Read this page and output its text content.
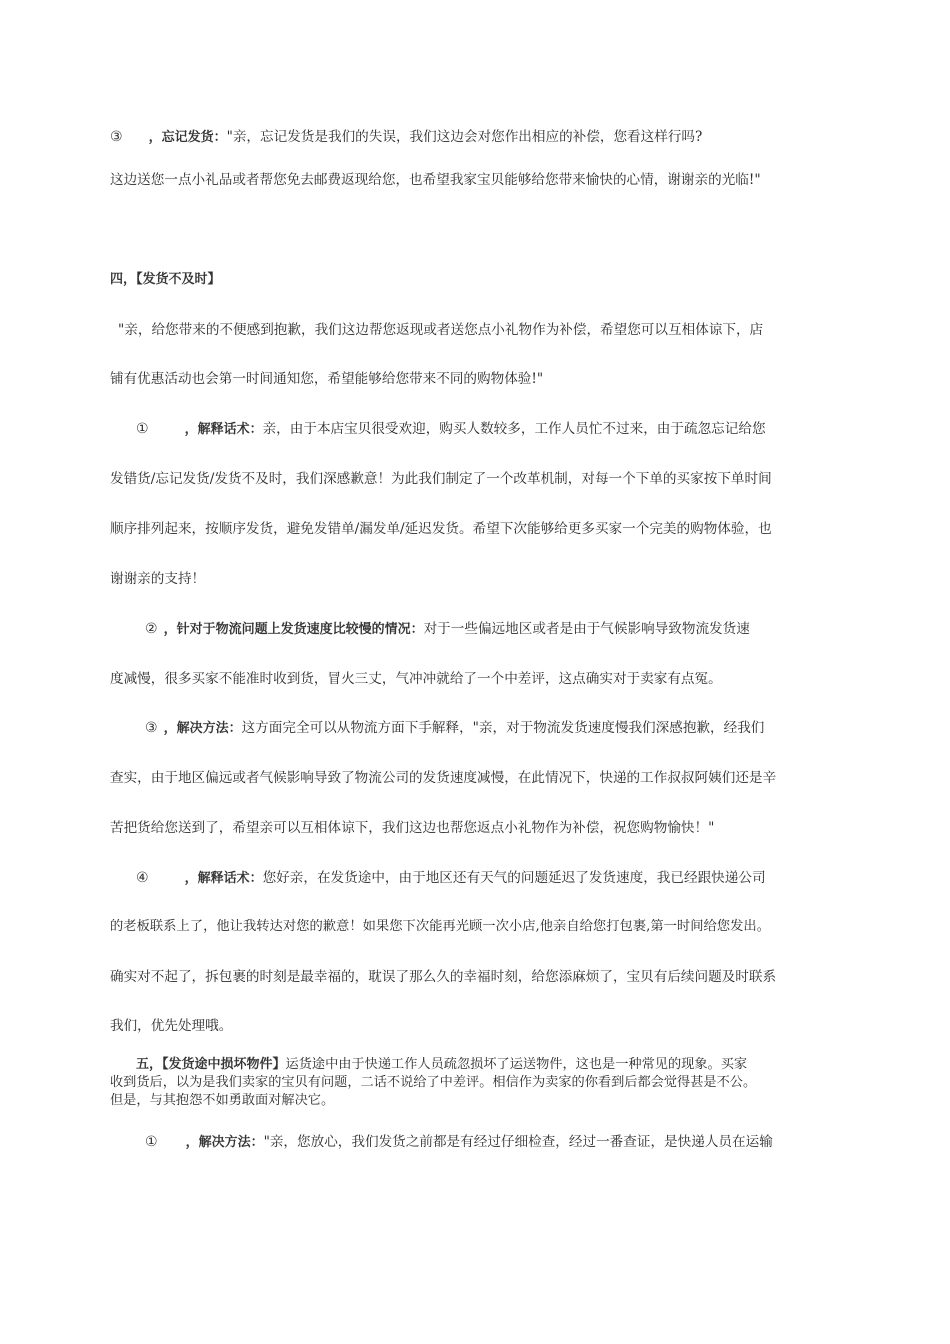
③ ，忘记发货："亲，忘记发货是我们的失误，我们这边会对您作出相应的补偿，您看这样行吗?
这边送您一点小礼品或者帮您免去邮费返现给您，也希望我家宝贝能够给您带来愉快的心情，谢谢亲的光临!"
四，【发货不及时】
"亲，给您带来的不便感到抱歉，我们这边帮您返现或者送您点小礼物作为补偿，希望您可以互相体谅下，店
铺有优惠活动也会第一时间通知您，希望能够给您带来不同的购物体验!"
①	，解释话术：亲，由于本店宝贝很受欢迎，购买人数较多，工作人员忙不过来，由于疏忽忘记给您
发错货/忘记发货/发货不及时，我们深感歉意！为此我们制定了一个改革机制，对每一个下单的买家按下单时间
顺序排列起来，按顺序发货，避免发错单/漏发单/延迟发货。希望下次能够给更多买家一个完美的购物体验，也
谢谢亲的支持！
② ，针对于物流问题上发货速度比较慢的情况：对于一些偏远地区或者是由于气候影响导致物流发货速
度减慢，很多买家不能准时收到货，冒火三丈，气冲冲就给了一个中差评，这点确实对于卖家有点冤。
③ ，解决方法：这方面完全可以从物流方面下手解释，"亲，对于物流发货速度慢我们深感抱歉，经我们
查实，由于地区偏远或者气候影响导致了物流公司的发货速度减慢，在此情况下，快递的工作叔叔阿姨们还是辛
苦把货给您送到了，希望亲可以互相体谅下，我们这边也帮您返点小礼物作为补偿，祝您购物愉快！"
④	，解释话术：您好亲，在发货途中，由于地区还有天气的问题延迟了发货速度，我已经跟快递公司
的老板联系上了，他让我转达对您的歉意！如果您下次能再光顾一次小店,他亲自给您打包裹,第一时间给您发出。
确实对不起了，拆包裹的时刻是最幸福的，耽误了那么久的幸福时刻，给您添麻烦了，宝贝有后续问题及时联系
我们，优先处理哦。
五，【发货途中损坏物件】运货途中由于快递工作人员疏忽损坏了运送物件，这也是一种常见的现象。买家
收到货后，以为是我们卖家的宝贝有问题，二话不说给了中差评。相信作为卖家的你看到后都会觉得甚是不公。
但是，与其抱怨不如勇敢面对解决它。
① ，解决方法："亲，您放心，我们发货之前都是有经过仔细检查，经过一番查证，是快递人员在运输
